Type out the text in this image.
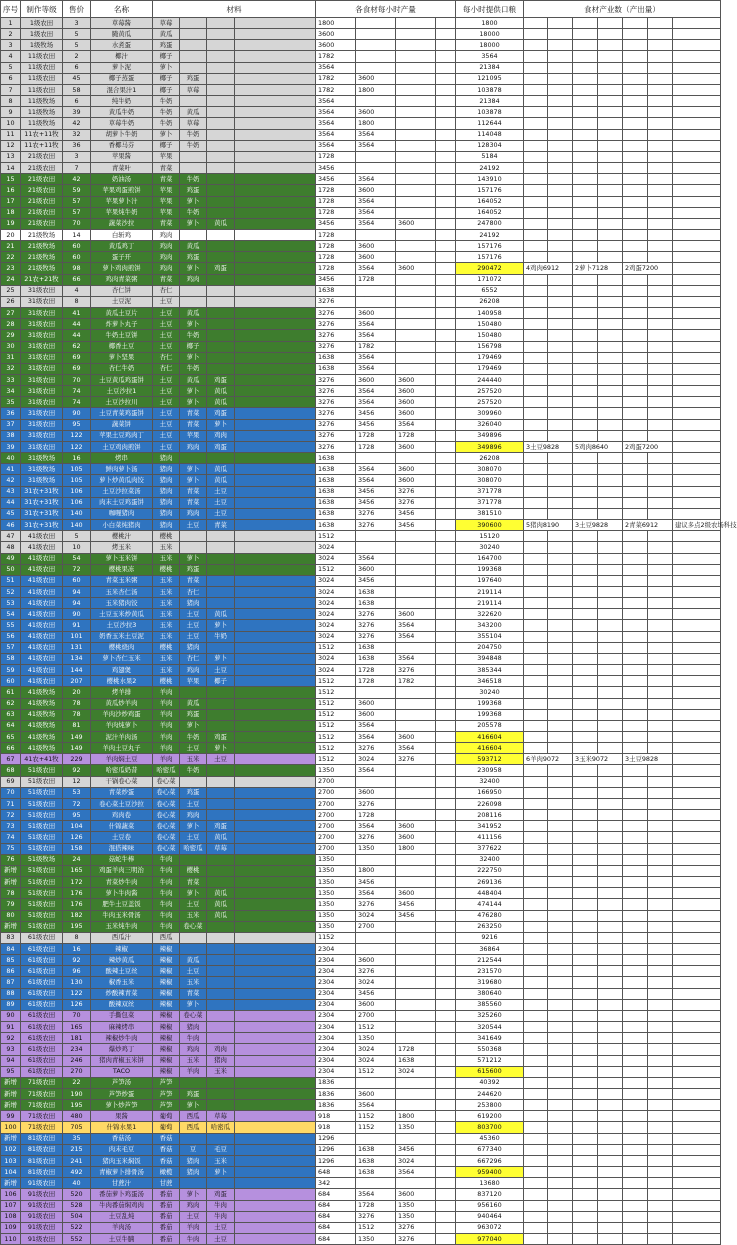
序号	制作等级	售价	名称	材料				各食材每小时产量				每小时提供口粮	食材产业数（产出量）						
1	1级农田	3	草莓酱	草莓				1800				1800							
2	1级农田	5	腌黄瓜	黄瓜				3600				18000							
3	1级牧场	5	水煮蛋	鸡蛋				3600				18000							
4	11级农田	2	椰汁	椰子				1782				3564							
5	11级农田	6	萝卜泥	萝卜				3564				21384							
6	11级农田	45	椰子蒸蛋	椰子	鸡蛋			1782	3600			121095							
7	11级农田	58	混合果汁1	椰子	草莓			1782	1800			103878							
8	11级牧场	6	纯牛奶	牛奶				3564				21384							
9	11级牧场	39	黄瓜牛奶	牛奶	黄瓜			3564	3600			103878							
10	11级牧场	42	草莓牛奶	牛奶	草莓			3564	1800			112644							
11	11农+11牧	32	胡萝卜牛奶	萝卜	牛奶			3564	3564			114048							
12	11农+11牧	36	香椰马芬	椰子	牛奶			3564	3564			128304							
13	21级农田	3	苹果酱	苹果				1728				5184							
14	21级农田	7	青菜叶	青菜				3456				24192							
15	21级农田	42	奶油汤	青菜	牛奶			3456	3564			143910							
16	21级农田	59	苹果鸡蛋煎饼	苹果	鸡蛋			1728	3600			157176							
17	21级农田	57	苹果萝卜汁	苹果	萝卜			1728	3564			164052							
18	21级农田	57	苹果炖牛奶	苹果	牛奶			1728	3564			164052							
19	21级农田	70	蔬菜沙拉	青菜	萝卜	黄瓜		3456	3564	3600		247800							
20	21级牧场	14	白斩鸡	鸡肉				1728				24192							
21	21级牧场	60	黄瓜鸡丁	鸡肉	黄瓜			1728	3600			157176							
22	21级牧场	60	蛋子开	鸡肉	鸡蛋			1728	3600			157176							
23	21级牧场	98	萝卜鸡肉煎饼	鸡肉	萝卜	鸡蛋		1728	3564	3600		290472	4鸡肉6912		2萝卜7128		2鸡蛋7200		
24	21农+21牧	66	鸡肉青菜粥	青菜	鸡肉			3456	1728			171072							
25	31级农田	4	杏仁饼	杏仁				1638				6552							
26	31级农田	8	土豆泥	土豆				3276				26208							
27	31级农田	41	黄瓜土豆片	土豆	黄瓜			3276	3600			140958							
28	31级农田	44	炸萝卜丸子	土豆	萝卜			3276	3564			150480							
29	31级农田	44	牛奶土豆饼	土豆	牛奶			3276	3564			150480							
30	31级农田	62	椰香土豆	土豆	椰子			3276	1782			156798							
31	31级农田	69	萝卜坚果	杏仁	萝卜			1638	3564			179469							
32	31级农田	69	杏仁牛奶	杏仁	牛奶			1638	3564			179469							
33	31级农田	70	土豆黄瓜鸡蛋饼	土豆	黄瓜	鸡蛋		3276	3600	3600		244440							
34	31级农田	74	土豆沙拉1	土豆	萝卜	黄瓜		3276	3564	3600		257520							
35	31级农田	74	土豆沙拉川	土豆	萝卜	黄瓜		3276	3564	3600		257520							
36	31级农田	90	土豆青菜鸡蛋饼	土豆	青菜	鸡蛋		3276	3456	3600		309960							
37	31级农田	95	蔬菜饼	土豆	青菜	萝卜		3276	3456	3564		326040							
38	31级农田	122	苹果土豆鸡肉丁	土豆	苹果	鸡肉		3276	1728	1728		349896							
39	31级农田	122	土豆鸡肉煎饼	土豆	鸡肉	鸡蛋		3276	1728	3600		349896	3土豆9828		5鸡肉8640		2鸡蛋7200		
40	31级牧场	16	烤串	猪肉				1638				26208							
41	31级牧场	105	鲜肉萝卜汤	猪肉	萝卜	黄瓜		1638	3564	3600		308070							
42	31级牧场	105	萝卜炒黄瓜肉饺	猪肉	萝卜	黄瓜		1638	3564	3600		308070							
43	31农+31牧	106	土豆沙拉菜汤	猪肉	青菜	土豆		1638	3456	3276		371778							
44	31农+31牧	106	肉末土豆鸡蛋饼	猪肉	青菜	土豆		1638	3456	3276		371778							
45	31农+31牧	140	咖喱猪肉	猪肉	鸡肉	土豆		1638	3276	3456		381510							
46	31农+31牧	140	小白菜炖猪肉	猪肉	土豆	青菜		1638	3276	3456		390600	5猪肉8190		3土豆9828		2青菜6912		建议多点2级农场科技
47	41级农田	5	樱桃汁	樱桃				1512				15120							
48	41级农田	10	烤玉米	玉米				3024				30240							
49	41级农田	54	萝卜玉米饼	玉米	萝卜			3024	3564			164700							
50	41级农田	72	樱桃果冻	樱桃	鸡蛋			1512	3600			199368							
51	41级农田	60	青菜玉米粥	玉米	青菜			3024	3456			197640							
52	41级农田	94	玉米杏仁汤	玉米	杏仁			3024	1638			219114							
53	41级农田	94	玉米猪肉饺	玉米	猪肉			3024	1638			219114							
54	41级农田	90	土豆玉米炒黄瓜	玉米	土豆	黄瓜		3024	3276	3600		322620							
55	41级农田	91	土豆沙拉3	玉米	土豆	萝卜		3024	3276	3564		343200							
56	41级农田	101	奶香玉米土豆泥	玉米	土豆	牛奶		3024	3276	3564		355104							
57	41级农田	131	樱桃烧肉	樱桃	猪肉			1512	1638			204750							
58	41级农田	134	萝卜杏仁玉米	玉米	杏仁	萝卜		3024	1638	3564		394848							
59	41级农田	144	鸡翅煲	玉米	鸡肉	土豆		3024	1728	3276		385344							
60	41级农田	207	樱桃水果2	樱桃	苹果	椰子		1512	1728	1782		346518							
61	41级牧场	20	烤羊排	羊肉				1512				30240							
62	41级牧场	78	黄瓜炒羊肉	羊肉	黄瓜			1512	3600			199368							
63	41级牧场	78	羊肉沙炒鸡蛋	羊肉	鸡蛋			1512	3600			199368							
64	41级牧场	81	羊肉炖萝卜	羊肉	萝卜			1512	3564			205578							
65	41级牧场	149	泥汁羊肉汤	羊肉	牛奶	鸡蛋		1512	3564	3600		416604							
66	41级牧场	149	羊肉土豆丸子	羊肉	土豆	萝卜		1512	3276	3564		416604							
67	41农+41牧	229	羊肉焖土豆	羊肉	玉米	土豆		1512	3024	3276		593712	6羊肉9072		3玉米9072		3土豆9828		
68	51级农田	92	哈密瓜奶昔	哈密瓜	牛奶			1350	3564			230958							
69	51级农田	12	干锅卷心菜	卷心菜				2700				32400							
70	51级农田	53	青菜炒蛋	卷心菜	鸡蛋			2700	3600			166950							
71	51级农田	72	卷心菜土豆沙拉	卷心菜	土豆			2700	3276			226098							
72	51级农田	95	鸡肉卷	卷心菜	鸡肉			2700	1728			208116							
73	51级农田	104	什锦蔬菜	卷心菜	萝卜	鸡蛋		2700	3564	3600		341952							
74	51级农田	126	土豆卷	卷心菜	土豆	黄瓜		2700	3276	3600		411156							
75	51级农田	158	混搭辣味	卷心菜	哈密瓜	草莓		2700	1350	1800		377622							
76	51级牧场	24	菇蛇牛棒	牛肉				1350				32400							
新增	51级农田	165	鸡蛋羊肉三明治	牛肉	樱桃			1350	1800			222750							
新增	51级农田	172	青菜炒牛肉	牛肉	青菜			1350	3456			269136							
78	51级农田	176	萝卜牛肉酱	牛肉	萝卜	黄瓜		1350	3564	3600		448404							
79	51级农田	176	肥牛土豆盖饭	牛肉	土豆	黄瓜		1350	3276	3456		474144							
80	51级农田	182	牛肉玉米骨汤	牛肉	玉米	黄瓜		1350	3024	3456		476280							
新增	51级农田	195	玉米炖牛肉	牛肉	卷心菜			1350	2700			263250							
83	61级农田	8	西瓜汁	西瓜				1152				9216							
84	61级农田	16	辣椒	辣椒				2304				36864							
85	61级农田	92	辣炒黄瓜	辣椒	黄瓜			2304	3600			212544							
86	61级农田	96	酸辣土豆丝	辣椒	土豆			2304	3276			231570							
87	61级农田	130	椒香玉米	辣椒	玉米			2304	3024			319680							
88	61级农田	122	炒酸辣青菜	辣椒	青菜			2304	3456			380640							
89	61级农田	126	酸辣双丝	辣椒	萝卜			2304	3600			385560							
90	61级农田	70	手撕包菜	辣椒	卷心菜			2304	2700			325260							
91	61级农田	165	麻辣烤串	辣椒	猪肉			2304	1512			320544							
92	61级农田	181	辣椒炒牛肉	辣椒	牛肉			2304	1350			341649							
93	61级农田	234	爆炒鸡丁	辣椒	鸡肉	鸡肉		2304	3024	1728		550368							
94	61级农田	246	猪肉青椒玉米饼	辣椒	玉米	猪肉		2304	3024	1638		571212							
95	61级农田	270	TACO	辣椒	羊肉	玉米		2304	1512	3024		615600							
新增	71级农田	22	芦笋汤	芦笋				1836				40392							
新增	71级农田	190	芦笋炒蛋	芦笋	鸡蛋			1836	3600			244620							
新增	71级农田	195	萝卜炒芦笋	芦笋	萝卜			1836	3564			253800							
99	71级农田	480	果酱	葡萄	西瓜	草莓		918	1152	1800		619200							
100	71级农田	705	什锦水果1	葡萄	西瓜	哈密瓜		918	1152	1350		803700							
新增	81级农田	35	香菇汤	香菇				1296				45360							
102	81级农田	215	肉末毛豆	香菇	豆	毛豆		1296	1638	3456		677340							
103	81级农田	241	猪肉玉米焖饭	香菇	猪肉	玉米		1296	1638	3024		667296							
104	81级农田	492	青椒萝卜排骨汤	橄榄	猪肉	萝卜		648	1638	3564		959400							
新增	91级农田	40	甘蔗汁	甘蔗				342				13680							
106	91级农田	520	番茄萝卜鸡蛋汤	番茄	萝卜	鸡蛋		684	3564	3600		837120							
107	91级农田	528	牛肉番茄焖鸡肉	番茄	鸡肉	牛肉		684	1728	1350		956160							
108	91级农田	504	土豆乱炖	番茄	土豆	牛肉		684	3276	1350		940464							
109	91级农田	522	羊肉汤	番茄	羊肉	土豆		684	1512	3276		963072							
110	91级农田	552	土豆牛腩	番茄	牛肉	土豆		684	1350	3276		977040							
